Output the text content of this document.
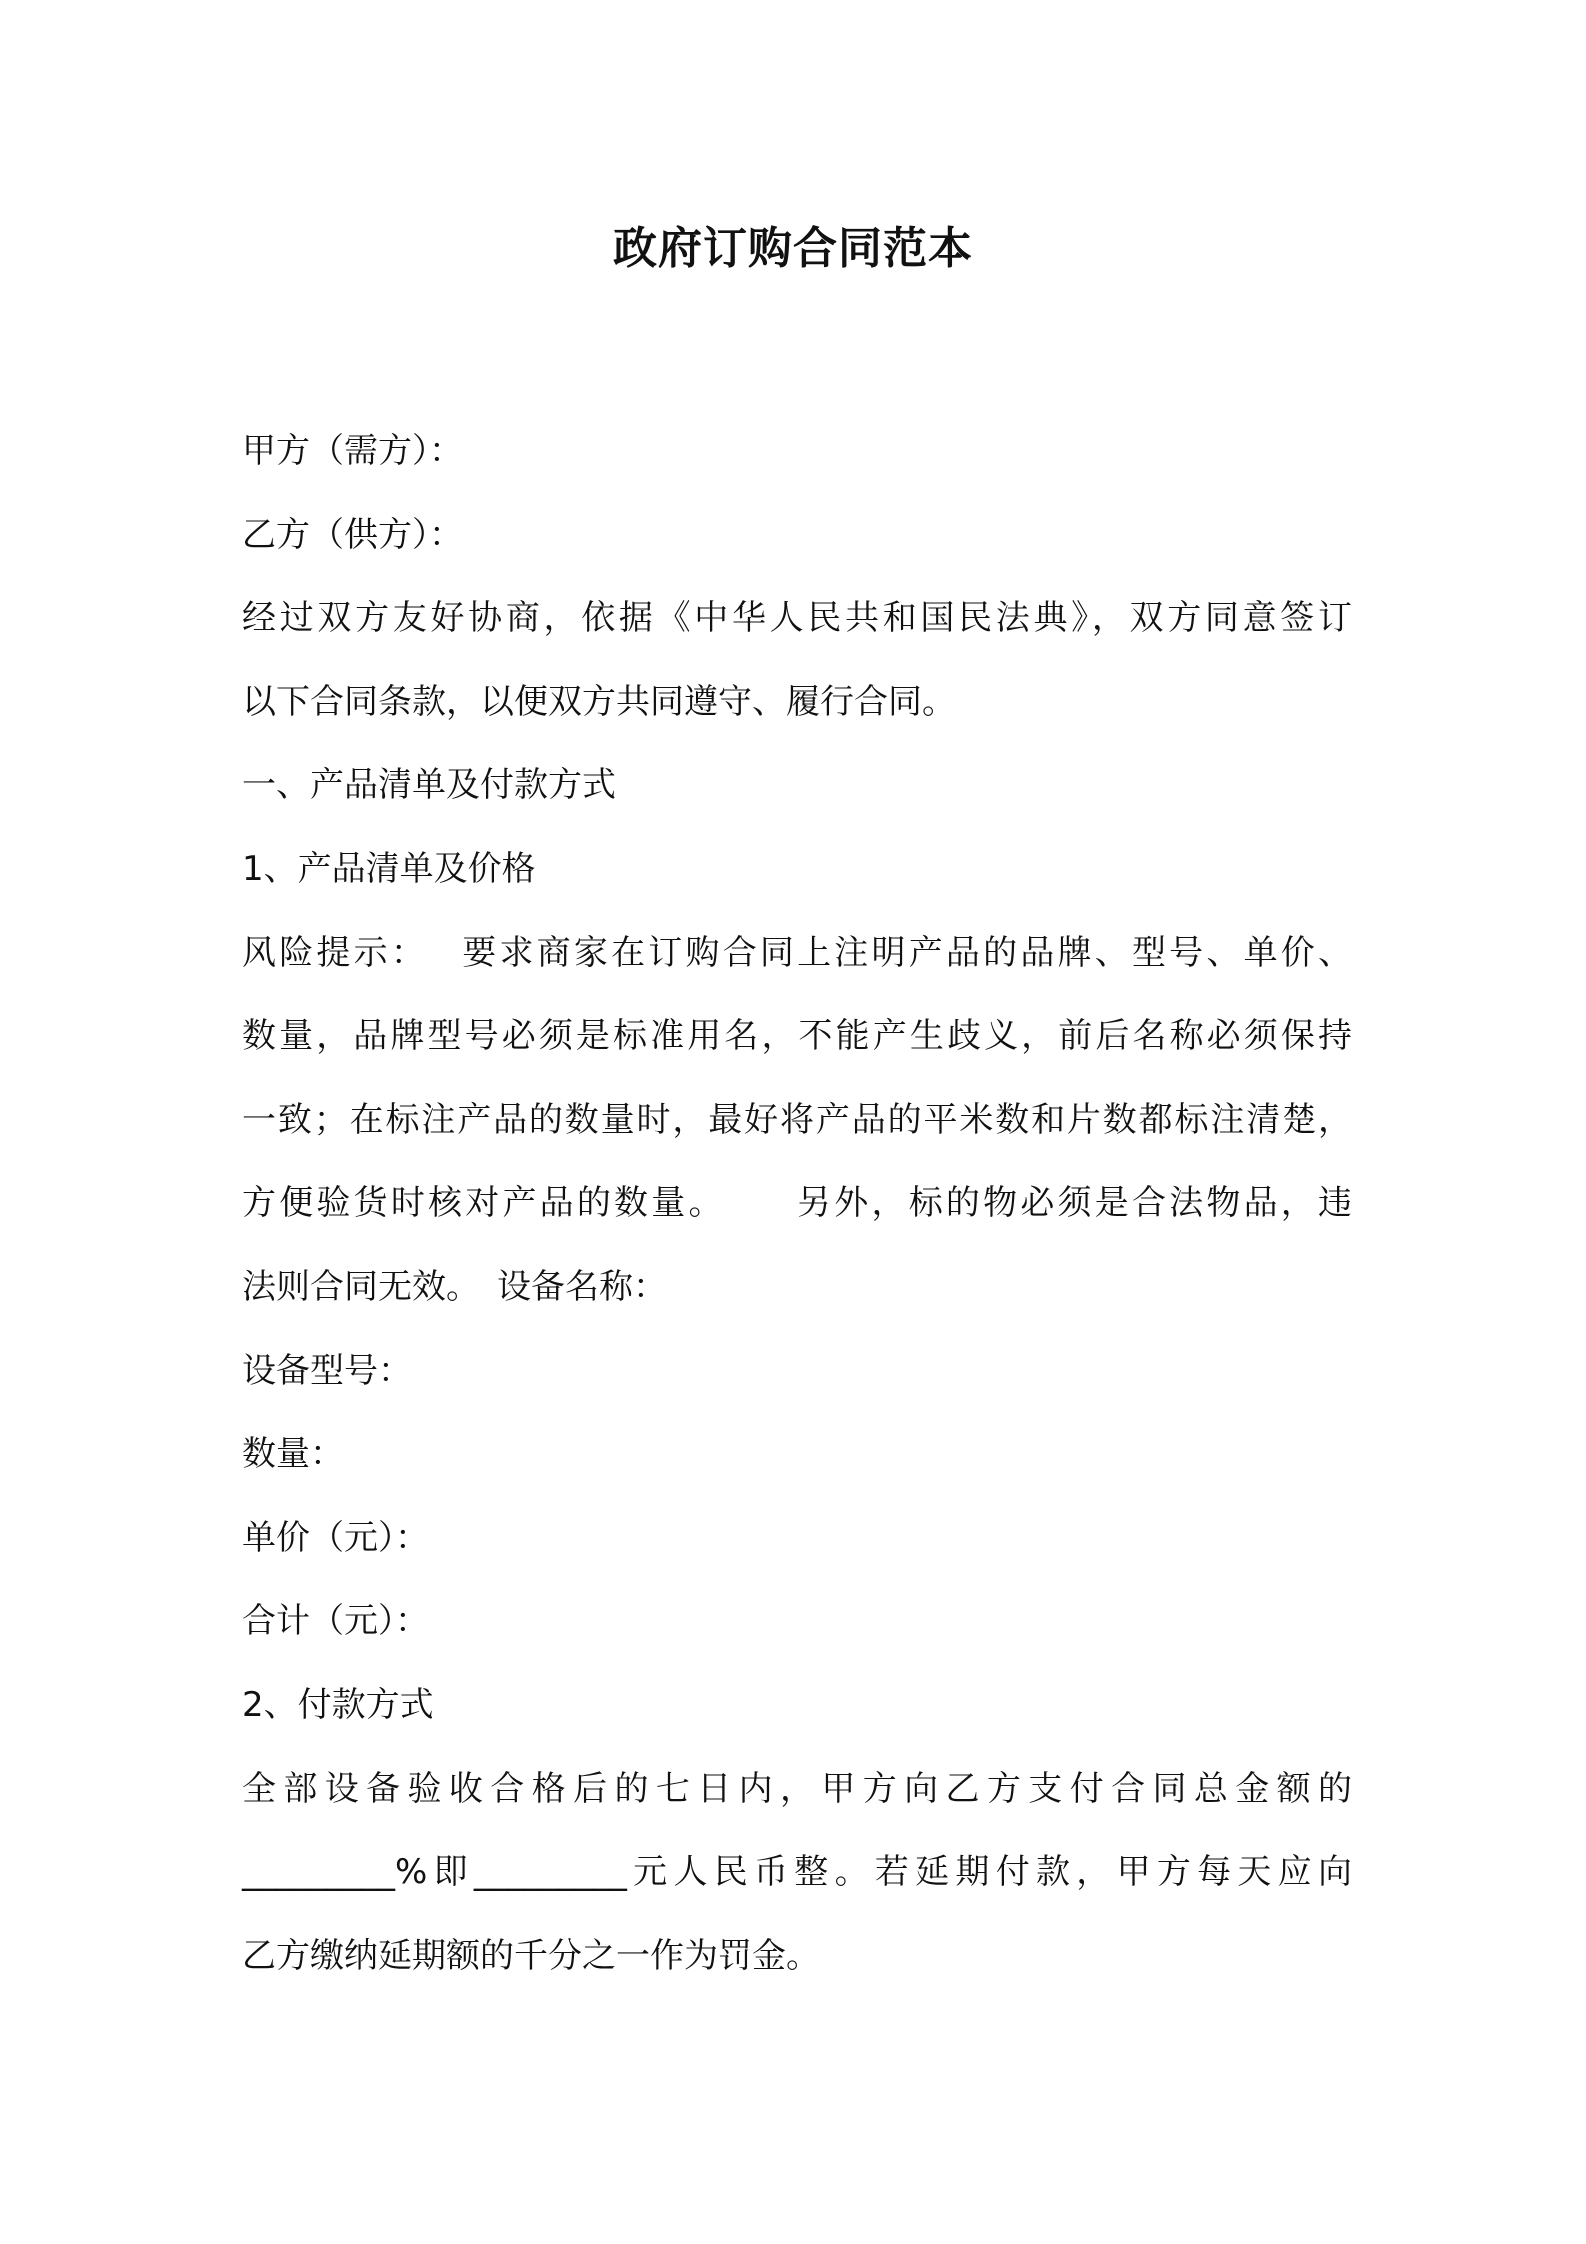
政府订购合同范本
甲方（需方）：
乙方（供方）：
经过双方友好协商，依据《中华人民共和国民法典》，双方同意签订
以下合同条款，以便双方共同遵守、履行合同。
一、产品清单及付款方式
1、产品清单及价格
风险提示：　 要求商家在订购合同上注明产品的品牌、型号、单价、
数量，品牌型号必须是标准用名，不能产生歧义，前后名称必须保持
一致；在标注产品的数量时，最好将产品的平米数和片数都标注清楚，
方便验货时核对产品的数量。　　 另外，标的物必须是合法物品，违
法则合同无效。　设备名称：
设备型号：
数量：
单价（元）：
合计（元）：
2、付款方式
全部设备验收合格后的七日内，甲方向乙方支付合同总金额的
_________%即_________元人民币整。若延期付款，甲方每天应向
乙方缴纳延期额的千分之一作为罚金。
